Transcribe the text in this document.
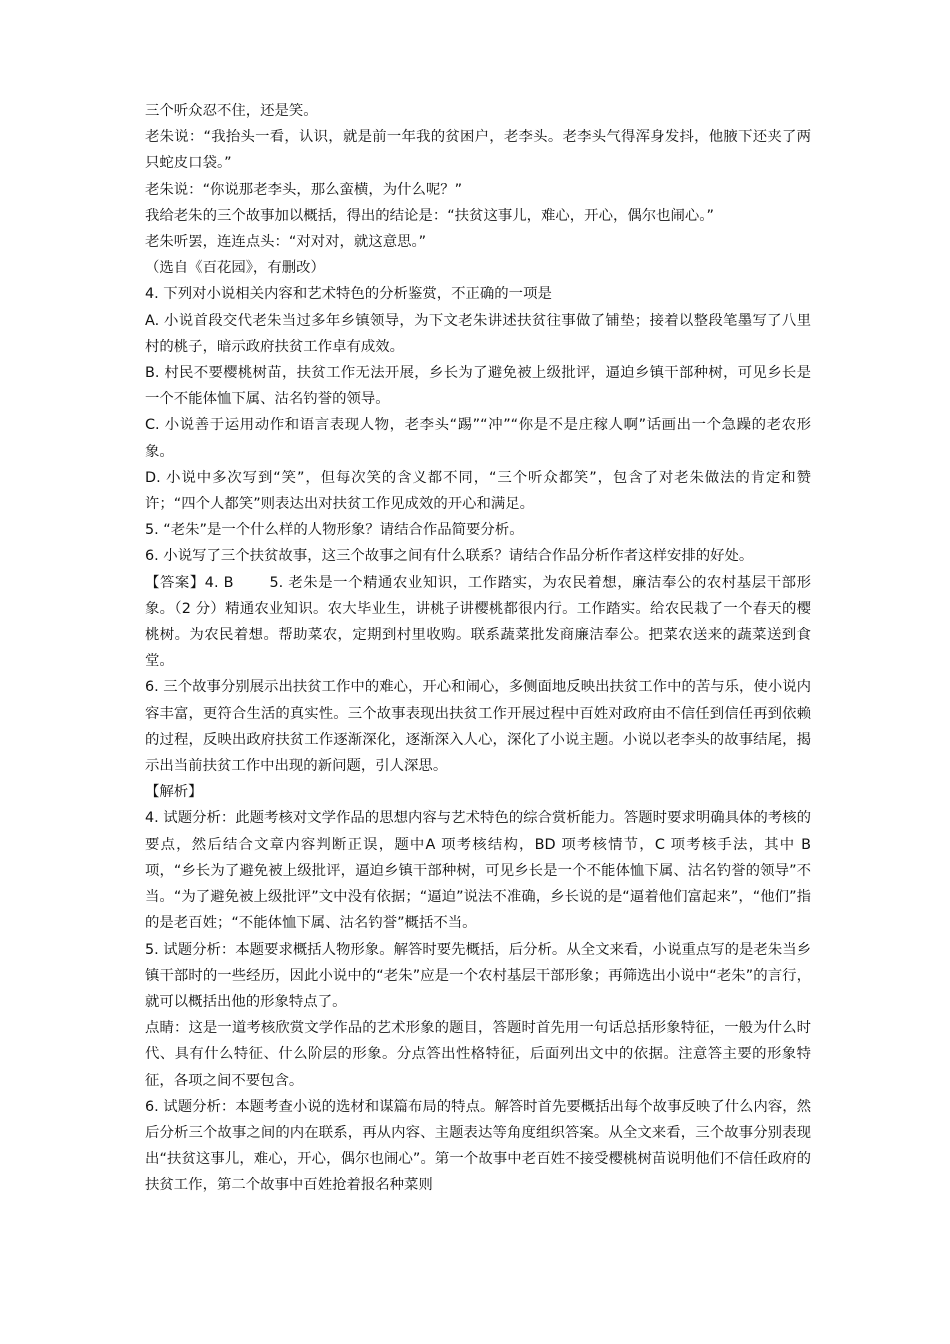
三个听众忍不住，还是笑。

老朱说：“我抬头一看，认识，就是前一年我的贫困户，老李头。老李头气得浑身发抖，他腋下还夹了两只蛇皮口袋。”

老朱说：“你说那老李头，那么蛮横，为什么呢？”

我给老朱的三个故事加以概括，得出的结论是：“扶贫这事儿，难心，开心，偶尔也闹心。”

老朱听罢，连连点头：“对对对，就这意思。”

（选自《百花园》，有删改）

4. 下列对小说相关内容和艺术特色的分析鉴赏，不正确的一项是

A. 小说首段交代老朱当过多年乡镇领导，为下文老朱讲述扶贫往事做了铺垫；接着以整段笔墨写了八里村的桃子，暗示政府扶贫工作卓有成效。

B. 村民不要樱桃树苗，扶贫工作无法开展，乡长为了避免被上级批评，逼迫乡镇干部种树，可见乡长是一个不能体恤下属、沽名钓誉的领导。

C. 小说善于运用动作和语言表现人物，老李头“踢”“冲”“你是不是庄稼人啊”话画出一个急躁的老农形象。

D. 小说中多次写到“笑”，但每次笑的含义都不同，“三个听众都笑”，包含了对老朱做法的肯定和赞许；“四个人都笑”则表达出对扶贫工作见成效的开心和满足。

5. “老朱”是一个什么样的人物形象？请结合作品简要分析。

6. 小说写了三个扶贫故事，这三个故事之间有什么联系？请结合作品分析作者这样安排的好处。

【答案】4. B       5. 老朱是一个精通农业知识，工作踏实，为农民着想，廉洁奉公的农村基层干部形象。（2 分）精通农业知识。农大毕业生，讲桃子讲樱桃都很内行。工作踏实。给农民栽了一个春天的樱桃树。为农民着想。帮助菜农，定期到村里收购。联系蔬菜批发商廉洁奉公。把菜农送来的蔬菜送到食堂。

6. 三个故事分别展示出扶贫工作中的难心，开心和闹心，多侧面地反映出扶贫工作中的苦与乐，使小说内容丰富，更符合生活的真实性。三个故事表现出扶贫工作开展过程中百姓对政府由不信任到信任再到依赖的过程，反映出政府扶贫工作逐渐深化，逐渐深入人心，深化了小说主题。小说以老李头的故事结尾，揭示出当前扶贫工作中出现的新问题，引人深思。

【解析】

4. 试题分析：此题考核对文学作品的思想内容与艺术特色的综合赏析能力。答题时要求明确具体的考核的要点，然后结合文章内容判断正误，题中A 项考核结构，BD 项考核情节，C 项考核手法，其中 B 项，“乡长为了避免被上级批评，逼迫乡镇干部种树，可见乡长是一个不能体恤下属、沽名钓誉的领导”不当。“为了避免被上级批评”文中没有依据；“逼迫”说法不准确，乡长说的是“逼着他们富起来”，“他们”指的是老百姓；“不能体恤下属、沽名钓誉”概括不当。

5. 试题分析：本题要求概括人物形象。解答时要先概括，后分析。从全文来看，小说重点写的是老朱当乡镇干部时的一些经历，因此小说中的“老朱”应是一个农村基层干部形象；再筛选出小说中“老朱”的言行，就可以概括出他的形象特点了。

点睛：这是一道考核欣赏文学作品的艺术形象的题目，答题时首先用一句话总括形象特征，一般为什么时代、具有什么特征、什么阶层的形象。分点答出性格特征，后面列出文中的依据。注意答主要的形象特征，各项之间不要包含。

6. 试题分析：本题考查小说的选材和谋篇布局的特点。解答时首先要概括出每个故事反映了什么内容，然后分析三个故事之间的内在联系，再从内容、主题表达等角度组织答案。从全文来看，三个故事分别表现出“扶贫这事儿，难心，开心，偶尔也闹心”。第一个故事中老百姓不接受樱桃树苗说明他们不信任政府的扶贫工作，第二个故事中百姓抢着报名种菜则
